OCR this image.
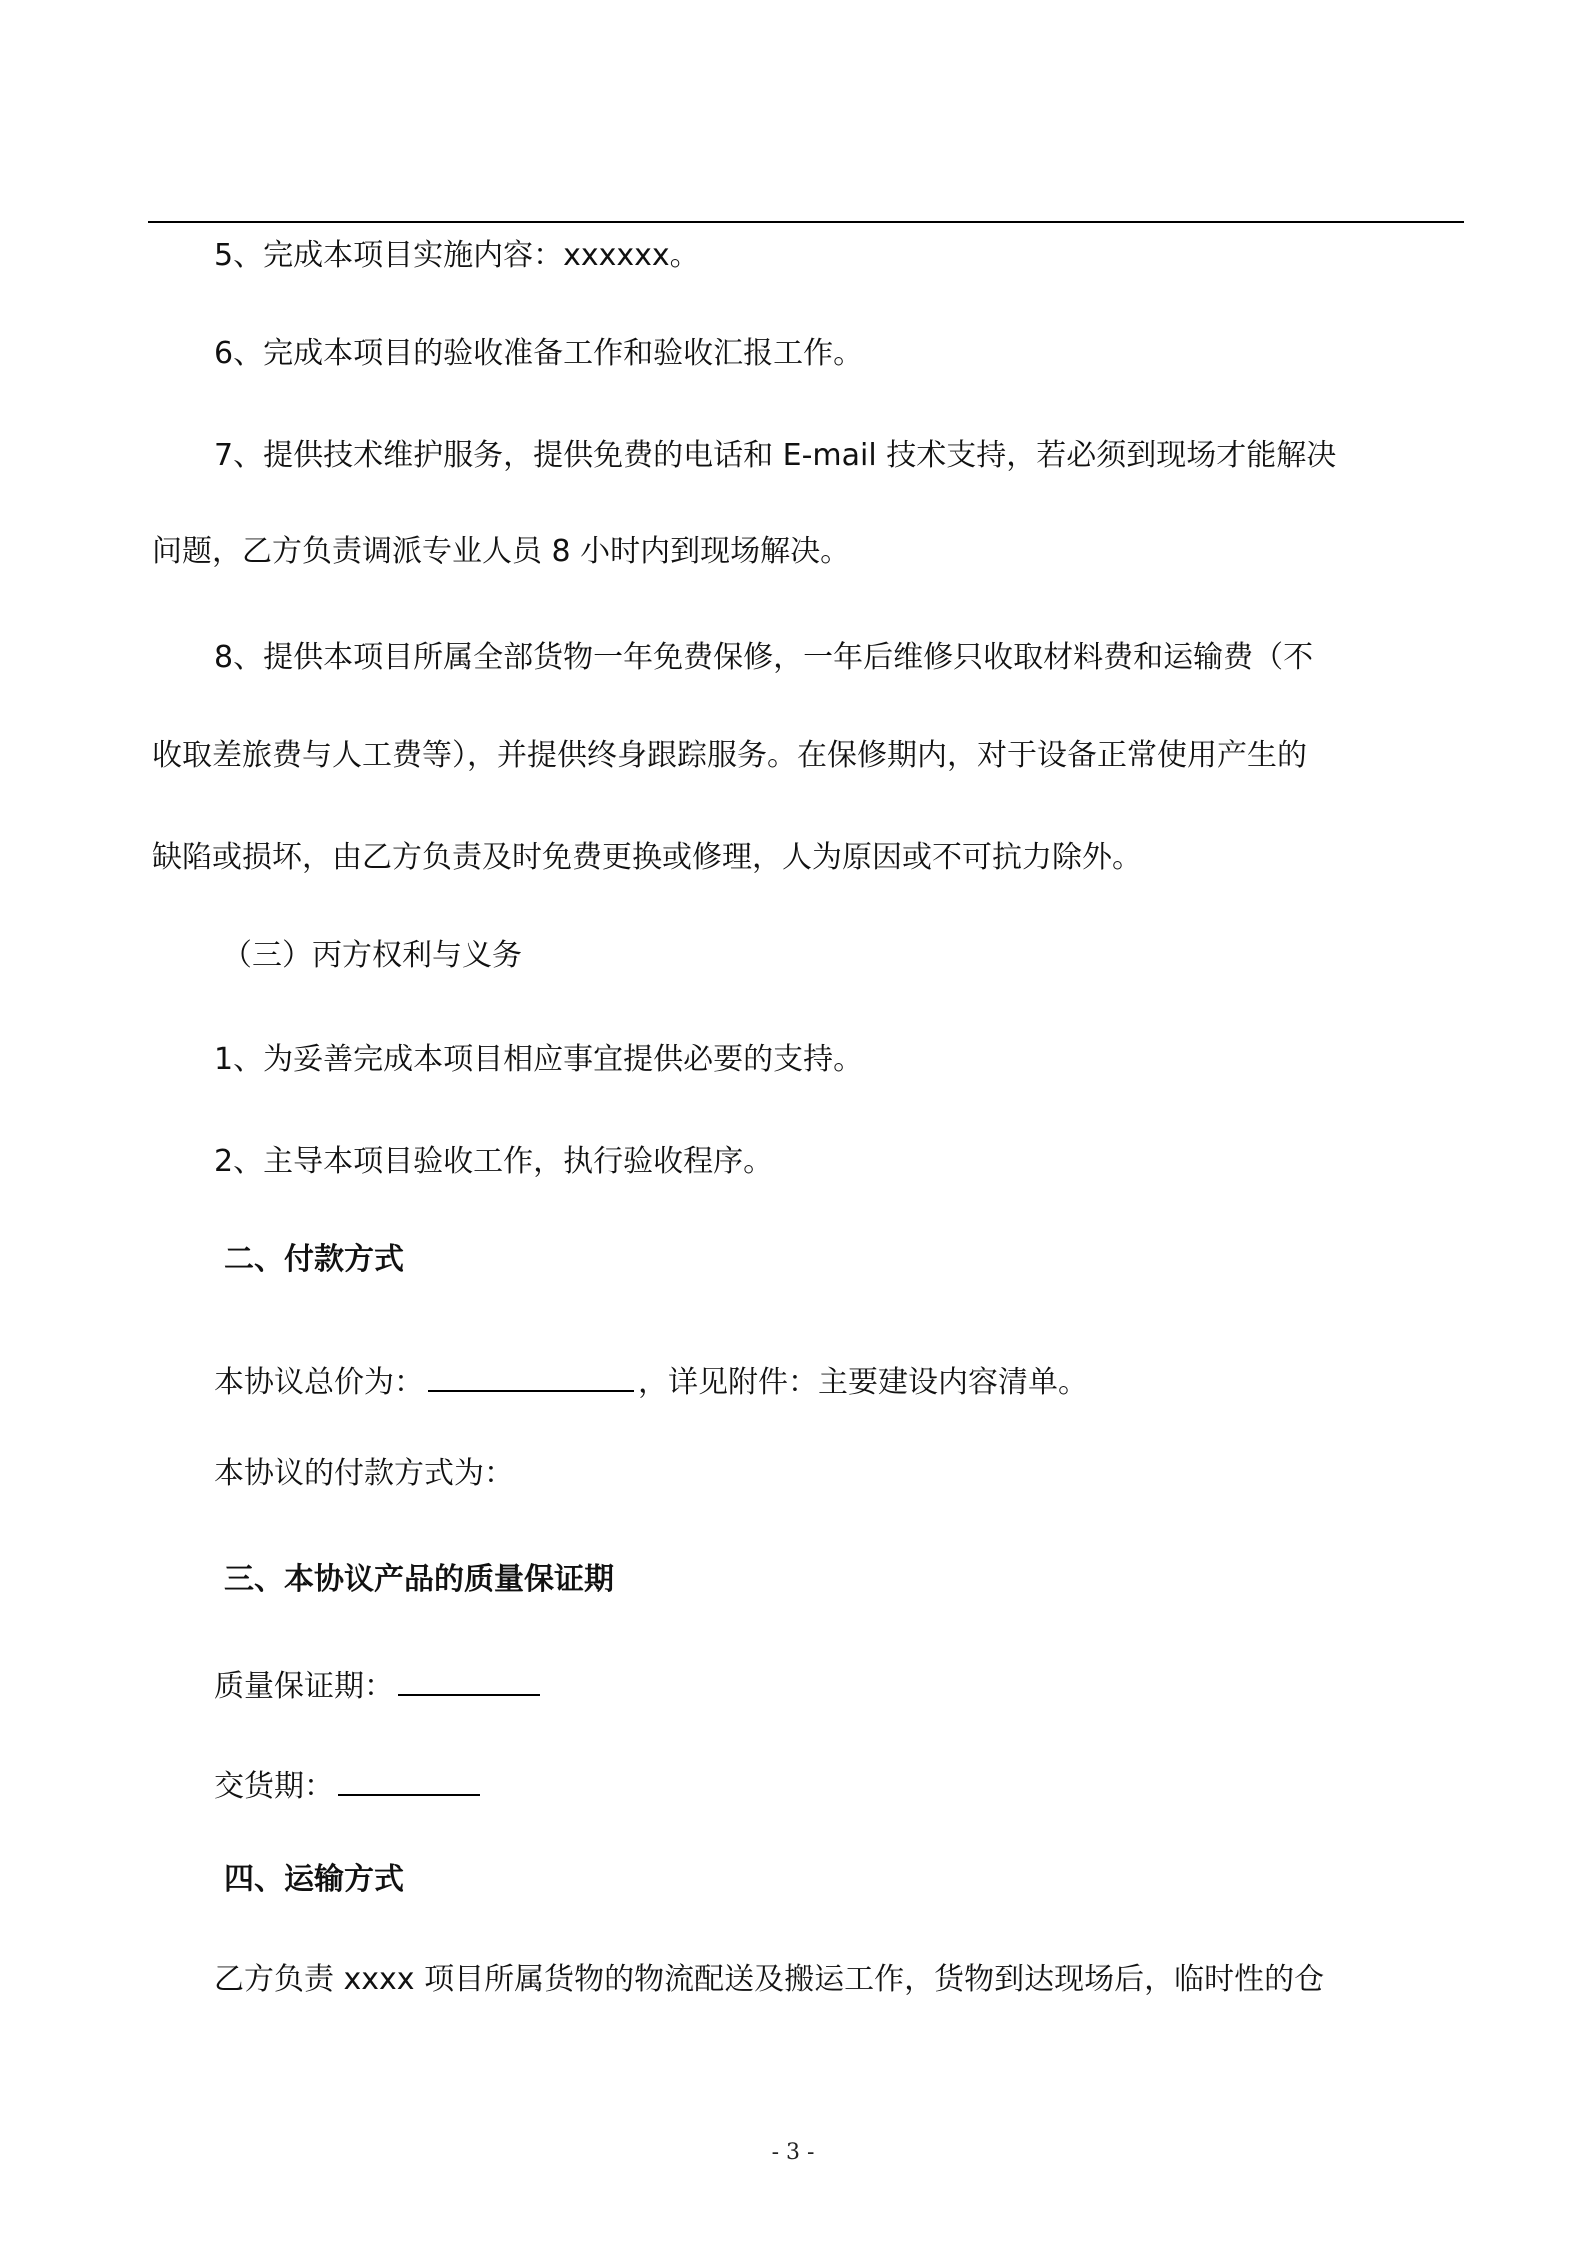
5、完成本项目实施内容：xxxxxx。
6、完成本项目的验收准备工作和验收汇报工作。
7、提供技术维护服务，提供免费的电话和 E-mail 技术支持，若必须到现场才能解决
问题，乙方负责调派专业人员 8 小时内到现场解决。
8、提供本项目所属全部货物一年免费保修，一年后维修只收取材料费和运输费（不
收取差旅费与人工费等），并提供终身跟踪服务。在保修期内，对于设备正常使用产生的
缺陷或损坏，由乙方负责及时免费更换或修理，人为原因或不可抗力除外。
（三）丙方权利与义务
1、为妥善完成本项目相应事宜提供必要的支持。
2、主导本项目验收工作，执行验收程序。
二、付款方式
本协议总价为：	，详见附件：主要建设内容清单。
本协议的付款方式为：
三、本协议产品的质量保证期
质量保证期：
交货期：
四、运输方式
乙方负责 xxxx 项目所属货物的物流配送及搬运工作，货物到达现场后，临时性的仓
- 3 -
